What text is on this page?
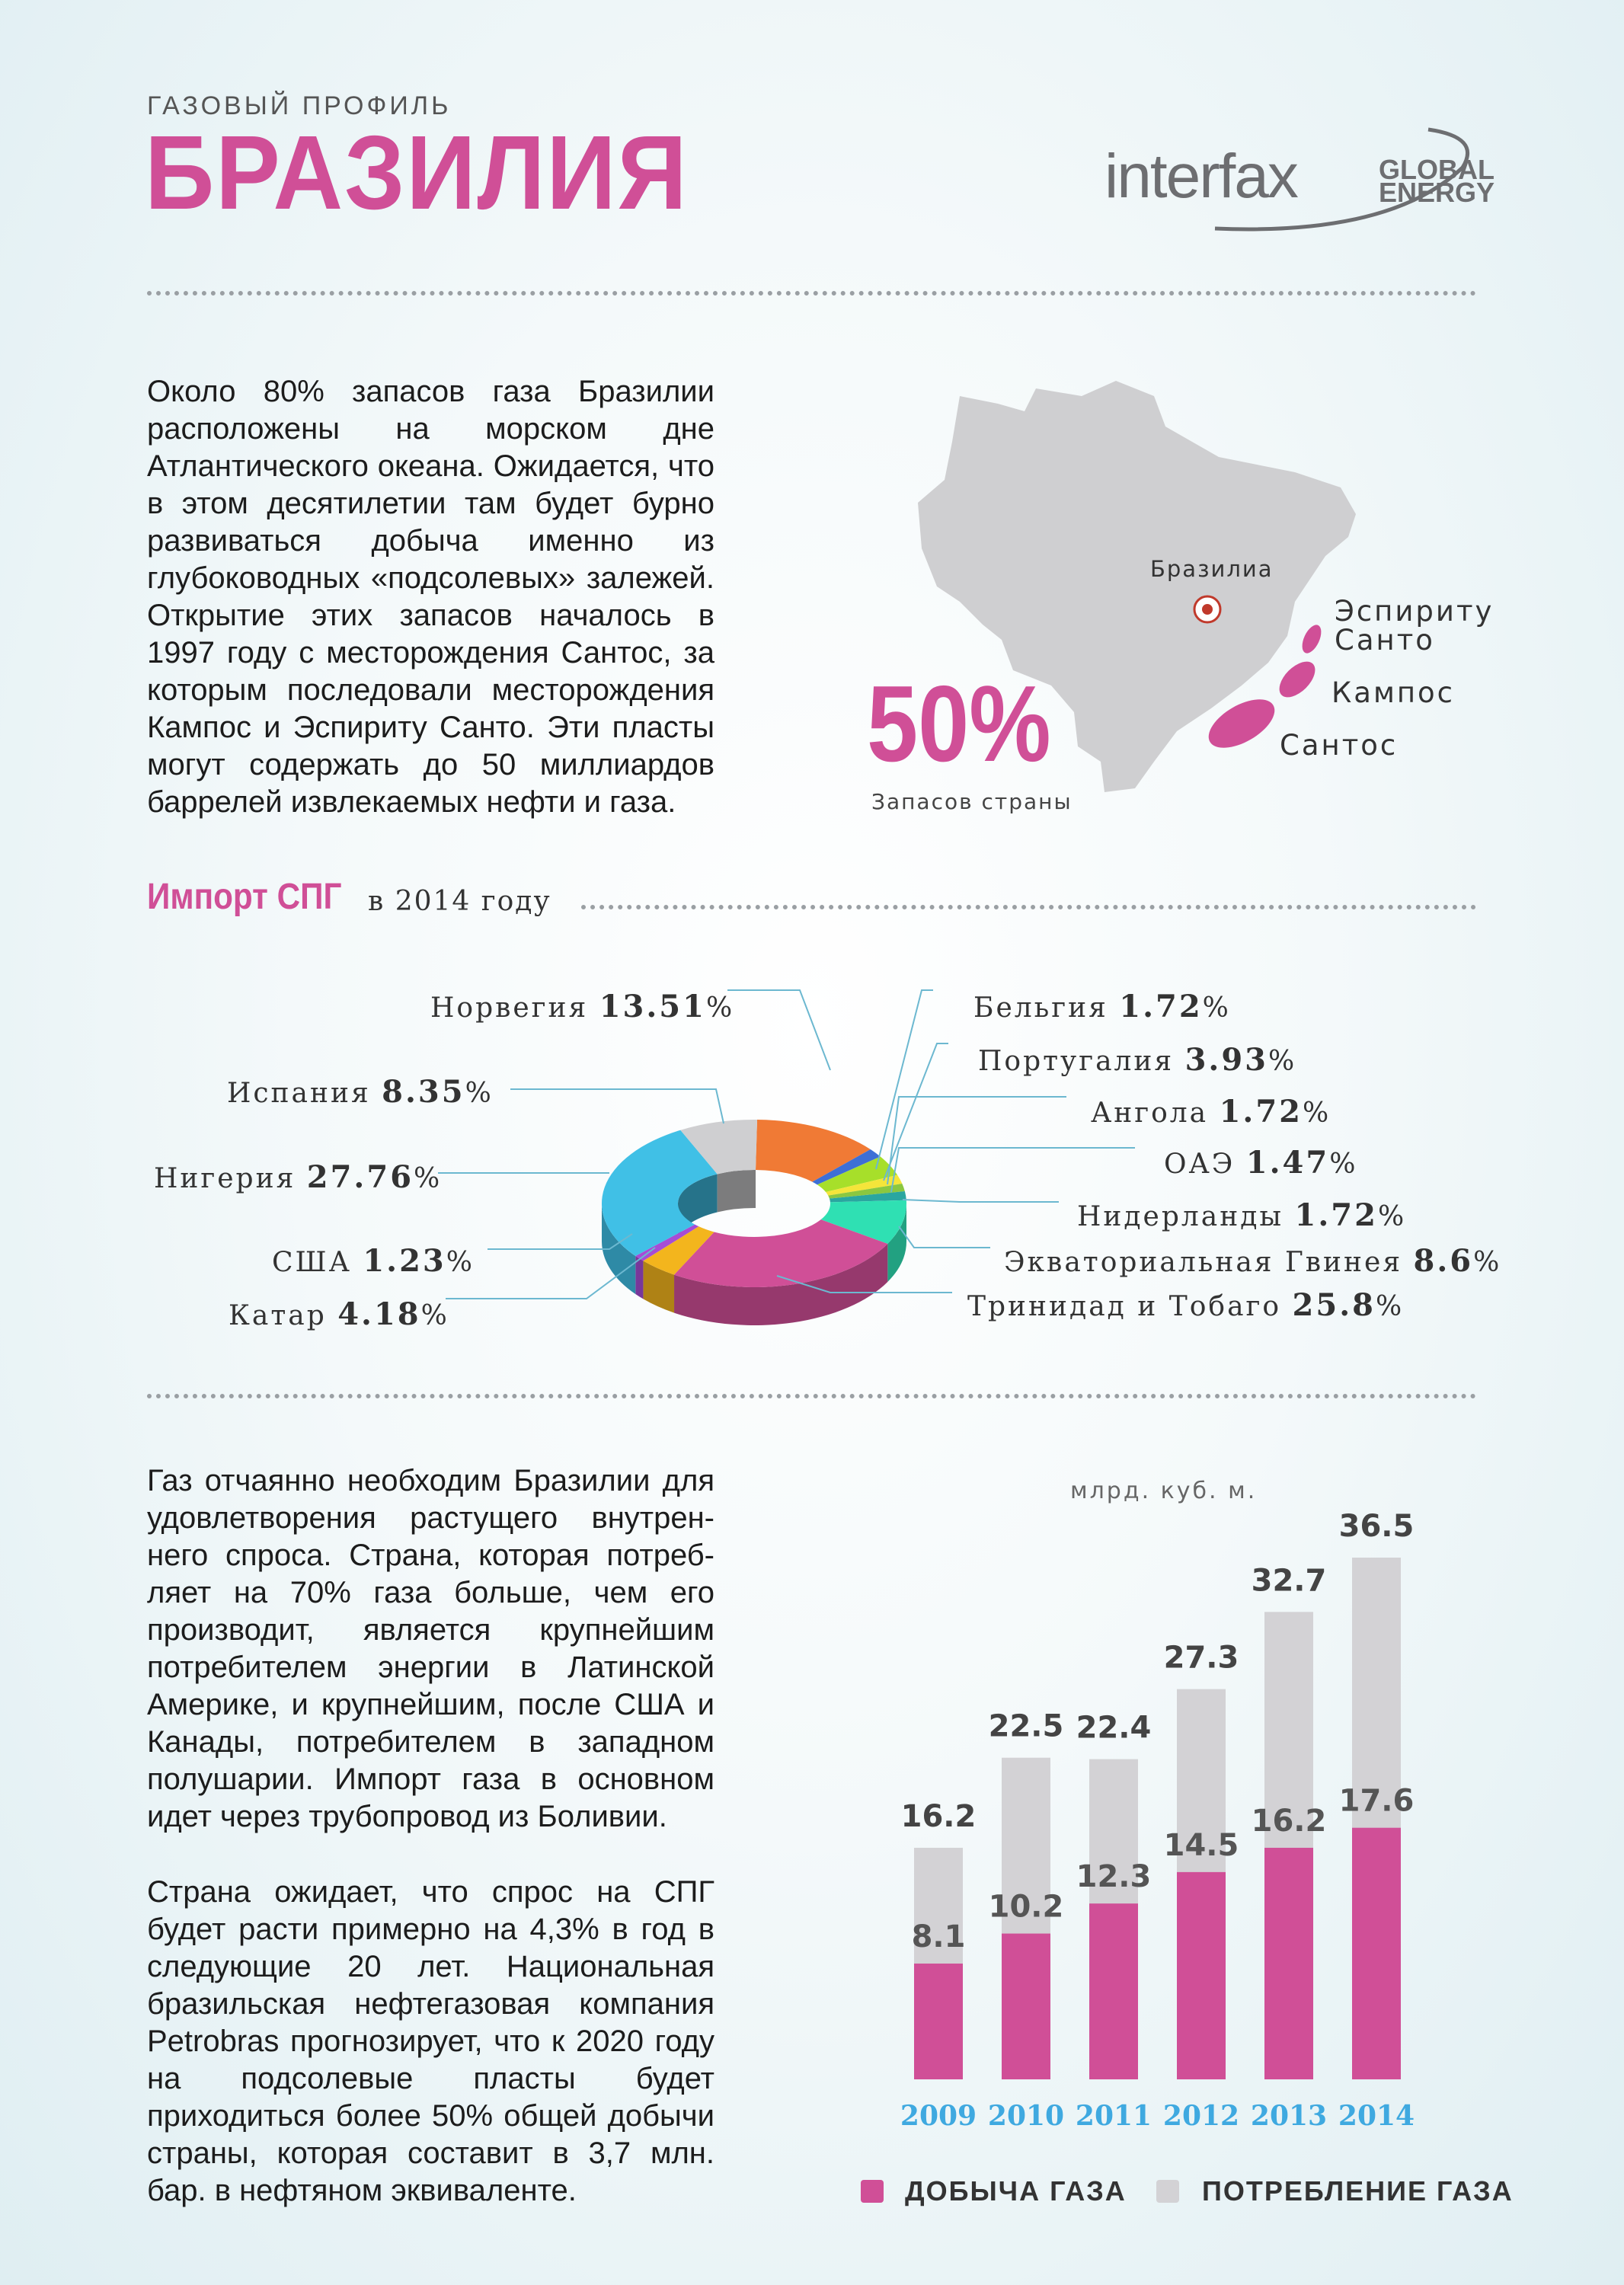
ГАЗОВЫЙ ПРОФИЛЬ
БРАЗИЛИЯ	interfax	GLOBAL
ENERGY
Около 80% запасов газа Бразилии расположены на морском дне Атлантического океана. Ожидается, что в этом десятилетии там будет бурно развиваться добыча именно из глубоководных «подсолевых» залежей. Открытие этих запасов началось в 1997 году с месторождения Сантос, за которым последовали месторождения Кампос и Эспириту Санто. Эти пласты могут содержать до 50 миллиардов баррелей извлекаемых нефти и газа.
Бразилиа
Эспириту
Санто
Кампос
Сантос
50%
Запасов страны
Импорт СПГ в 2014 году
Норвегия 13.51%
Испания 8.35%
Нигерия 27.76%
США 1.23%
Катар 4.18%
Бельгия 1.72%
Португалия 3.93%
Ангола 1.72%
ОАЭ 1.47%
Нидерланды 1.72%
Экваториальная Гвинея 8.6%
Тринидад и Тобаго 25.8%
Газ отчаянно необходим Бразилии для удовлетворения растущего внутрен-него спроса. Страна, которая потреб-ляет на 70% газа больше, чем его производит, является крупнейшим потребителем энергии в Латинской Америке, и крупнейшим, после США и Канады, потребителем в западном полушарии. Импорт газа в основном идет через трубопровод из Боливии.
Страна ожидает, что спрос на СПГ будет расти примерно на 4,3% в год в следующие 20 лет. Национальная бразильская нефтегазовая компания Petrobras прогнозирует, что к 2020 году на подсолевые пласты будет приходиться более 50% общей добычи страны, которая составит в 3,7 млн. бар. в нефтяном эквиваленте.
млрд. куб. м.
16.2
8.1
2009
22.5
10.2
2010
22.4
12.3
2011
27.3
14.5
2012
32.7
16.2
2013
36.5
17.6
2014
ДОБЫЧА ГАЗА	ПОТРЕБЛЕНИЕ ГАЗА
